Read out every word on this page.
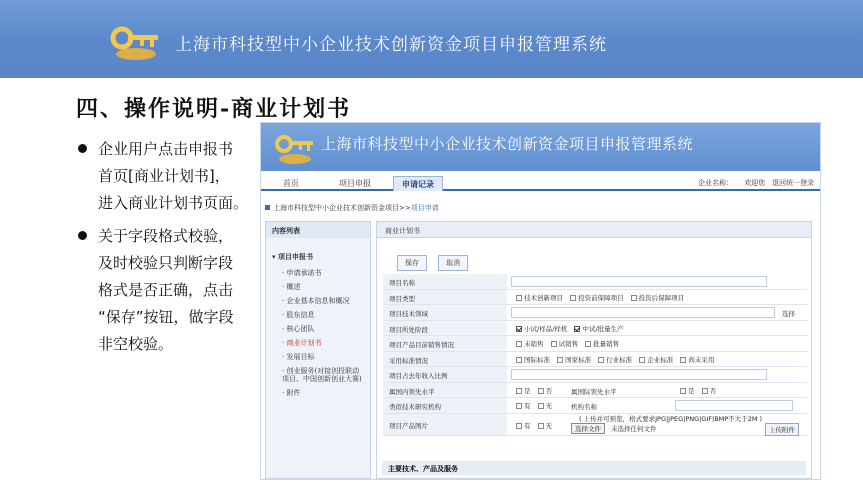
上海市科技型中小企业技术创新资金项目申报管理系统
四、操作说明-商业计划书
企业用户点击申报书
首页[商业计划书]，
进入商业计划书页面。
关于字段格式校验，
及时校验只判断字段
格式是否正确，点击
“保存”按钮，做字段
非空校验。
上海市科技型中小企业技术创新资金项目申报管理系统
首页	项目申报	申请记录	企业名称： 欢迎您 退回统一登录
上海市科技型中小企业技术创新资金项目>>项目申请
内容列表
▾ 项目申报书
· 申请承诺书
· 概述
· 企业基本信息和概况
· 股东信息
· 核心团队
· 商业计划书
· 发展目标
· 创业服务(对接创投联动项目、中国创新创业大赛)
· 附件
商业计划书
保存	取消
项目名称
项目类型	技术创新项目 投资前保障项目 投资后保障项目
项目技术领域	选择
项目所处阶段	小试/样品/样机 中试/批量生产
项目产品目前销售情况	未销售 试销售 批量销售
采用标准情况	国际标准 国家标准 行业标准 企业标准 尚未采用
项目占去年收入比例
属国内领先水平	是 否	属国际领先水平	是 否
类似技术研究机构	有 无	机构名称
项目产品图片	有 无
( 上传并可预览，格式要求JPG|JPEG|PNG|GIF|BMP不大于2M )
选择文件	未选择任何文件	上传附件
主要技术、产品及服务
